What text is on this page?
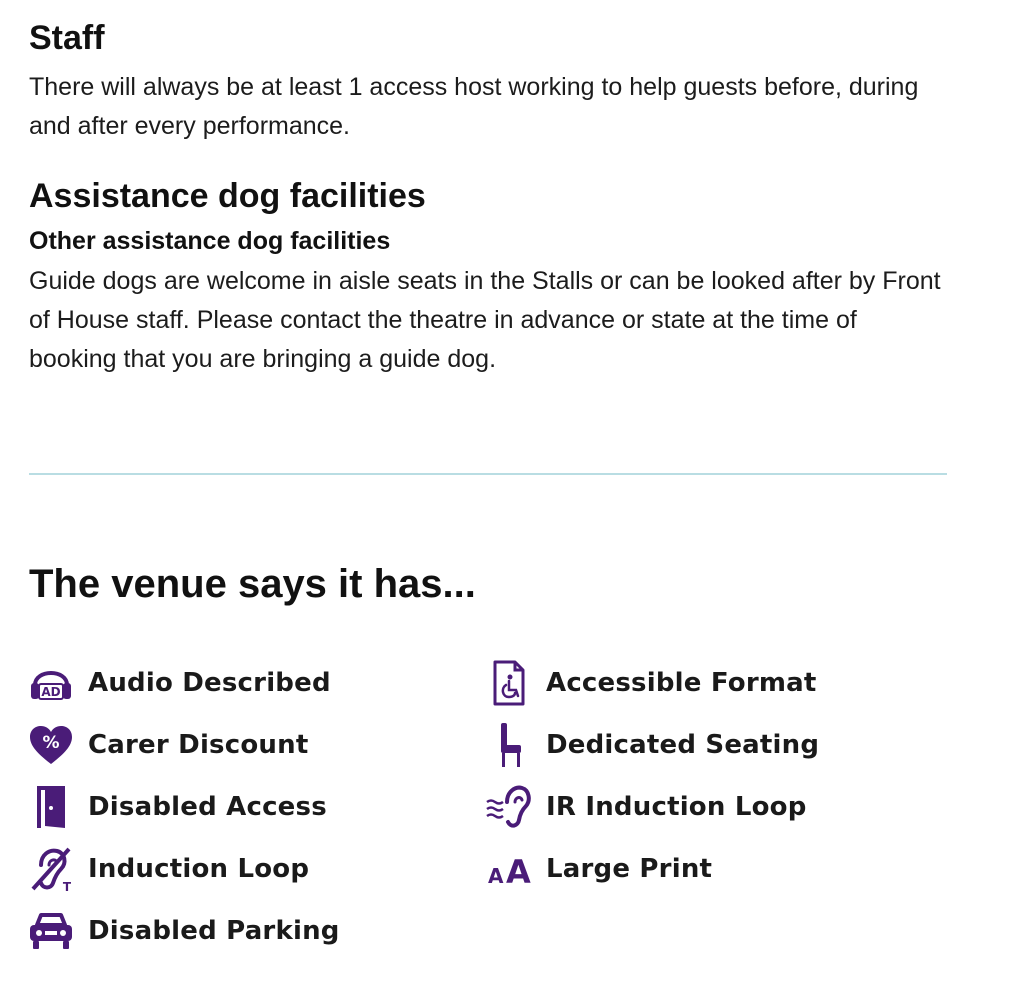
Staff

There will always be at least 1 access host working to help guests before, during and after every performance.

Assistance dog facilities
Other assistance dog facilities

Guide dogs are welcome in aisle seats in the Stalls or can be looked after by Front of House staff. Please contact the theatre in advance or state at the time of booking that you are bringing a guide dog.

The venue says it has...
AD Audio Described
% Carer Discount
Disabled Access
T
Induction Loop
Disabled Parking
Accessible Format
Dedicated Seating
IR Induction Loop
A A Large Print
